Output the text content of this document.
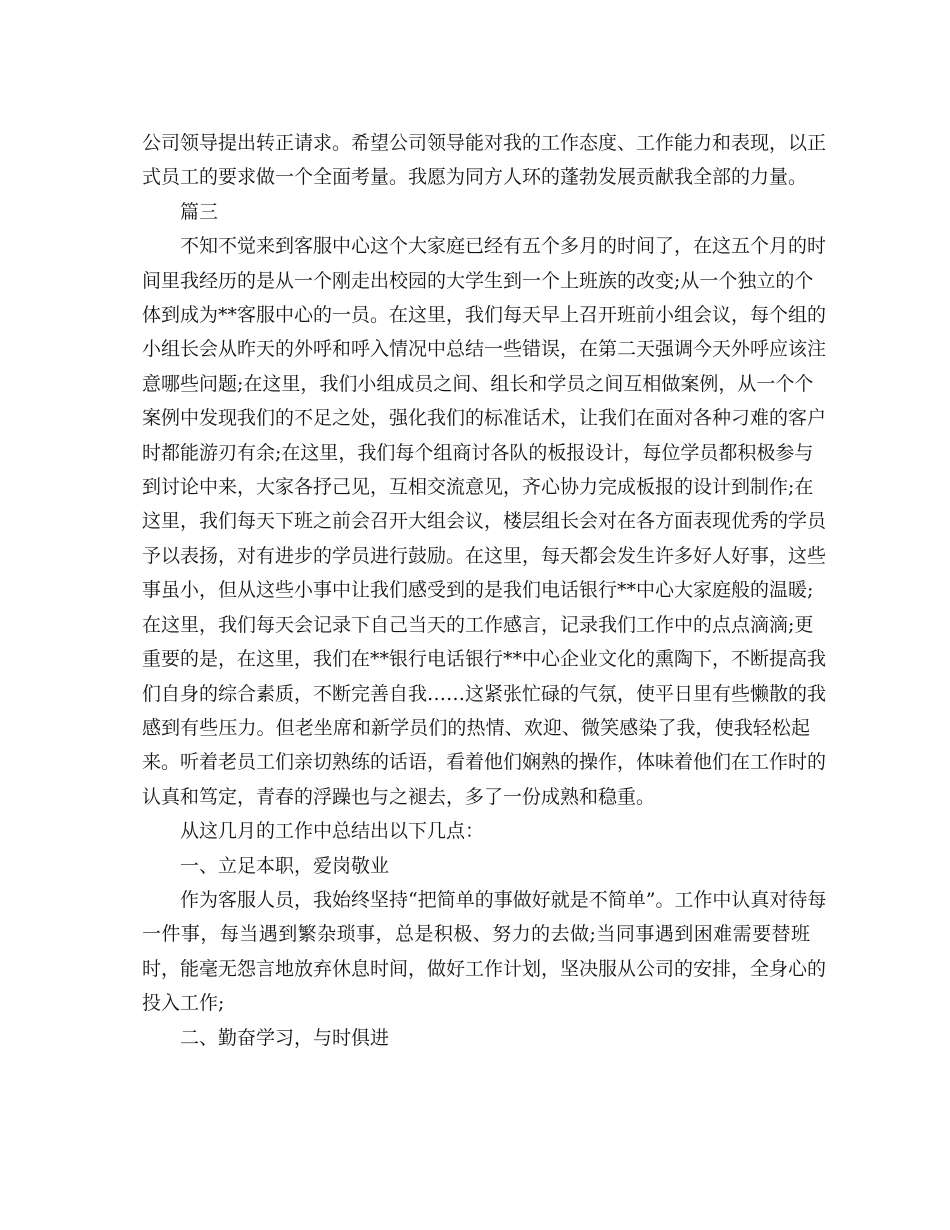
公司领导提出转正请求。希望公司领导能对我的工作态度、工作能力和表现，以正
式员工的要求做一个全面考量。我愿为同方人环的蓬勃发展贡献我全部的力量。

篇三

不知不觉来到客服中心这个大家庭已经有五个多月的时间了，在这五个月的时
间里我经历的是从一个刚走出校园的大学生到一个上班族的改变;从一个独立的个
体到成为**客服中心的一员。在这里，我们每天早上召开班前小组会议，每个组的
小组长会从昨天的外呼和呼入情况中总结一些错误，在第二天强调今天外呼应该注
意哪些问题;在这里，我们小组成员之间、组长和学员之间互相做案例，从一个个
案例中发现我们的不足之处，强化我们的标准话术，让我们在面对各种刁难的客户
时都能游刃有余;在这里，我们每个组商讨各队的板报设计，每位学员都积极参与
到讨论中来，大家各抒己见，互相交流意见，齐心协力完成板报的设计到制作;在
这里，我们每天下班之前会召开大组会议，楼层组长会对在各方面表现优秀的学员
予以表扬，对有进步的学员进行鼓励。在这里，每天都会发生许多好人好事，这些
事虽小，但从这些小事中让我们感受到的是我们电话银行**中心大家庭般的温暖;
在这里，我们每天会记录下自己当天的工作感言，记录我们工作中的点点滴滴;更
重要的是，在这里，我们在**银行电话银行**中心企业文化的熏陶下，不断提高我
们自身的综合素质，不断完善自我……这紧张忙碌的气氛，使平日里有些懒散的我
感到有些压力。但老坐席和新学员们的热情、欢迎、微笑感染了我，使我轻松起
来。听着老员工们亲切熟练的话语，看着他们娴熟的操作，体味着他们在工作时的
认真和笃定，青春的浮躁也与之褪去，多了一份成熟和稳重。

从这几月的工作中总结出以下几点：

一、立足本职，爱岗敬业

作为客服人员，我始终坚持“把简单的事做好就是不简单”。工作中认真对待每
一件事，每当遇到繁杂琐事，总是积极、努力的去做;当同事遇到困难需要替班
时，能毫无怨言地放弃休息时间，做好工作计划，坚决服从公司的安排，全身心的
投入工作;

二、勤奋学习，与时俱进
